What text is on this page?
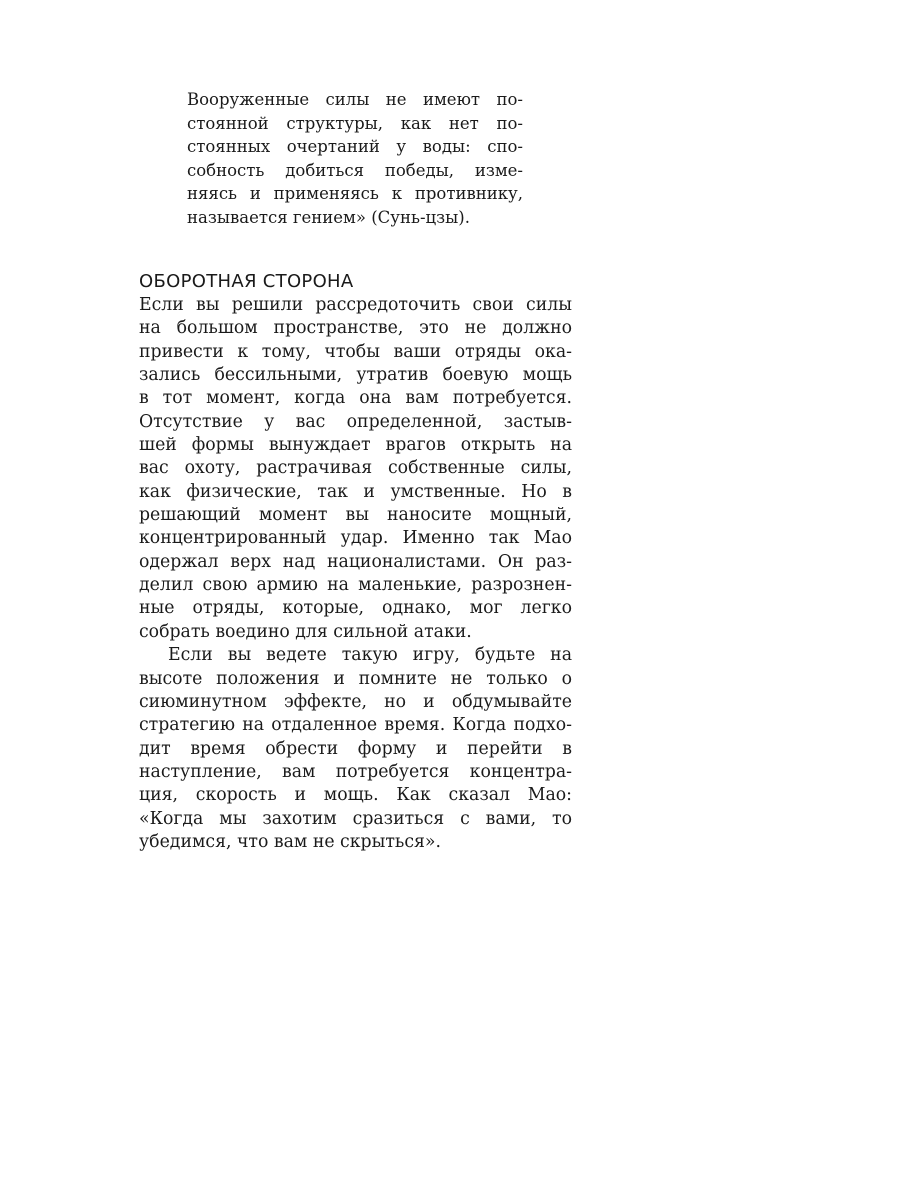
Вооруженные силы не имеют по-
стоянной структуры, как нет по-
стоянных очертаний у воды: спо-
собность добиться победы, изме-
няясь и применяясь к противнику,
называется гением» (Сунь-цзы).
ОБОРОТНАЯ СТОРОНА

Если вы решили рассредоточить свои силы
на большом пространстве, это не должно
привести к тому, чтобы ваши отряды ока-
зались бессильными, утратив боевую мощь
в тот момент, когда она вам потребуется.
Отсутствие у вас определенной, застыв-
шей формы вынуждает врагов открыть на
вас охоту, растрачивая собственные силы,
как физические, так и умственные. Но в
решающий момент вы наносите мощный,
концентрированный удар. Именно так Мао
одержал верх над националистами. Он раз-
делил свою армию на маленькие, разрознен-
ные отряды, которые, однако, мог легко
собрать воедино для сильной атаки.

Если вы ведете такую игру, будьте на
высоте положения и помните не только о
сиюминутном эффекте, но и обдумывайте
стратегию на отдаленное время. Когда подхо-
дит время обрести форму и перейти в
наступление, вам потребуется концентра-
ция, скорость и мощь. Как сказал Мао:
«Когда мы захотим сразиться с вами, то
убедимся, что вам не скрыться».
